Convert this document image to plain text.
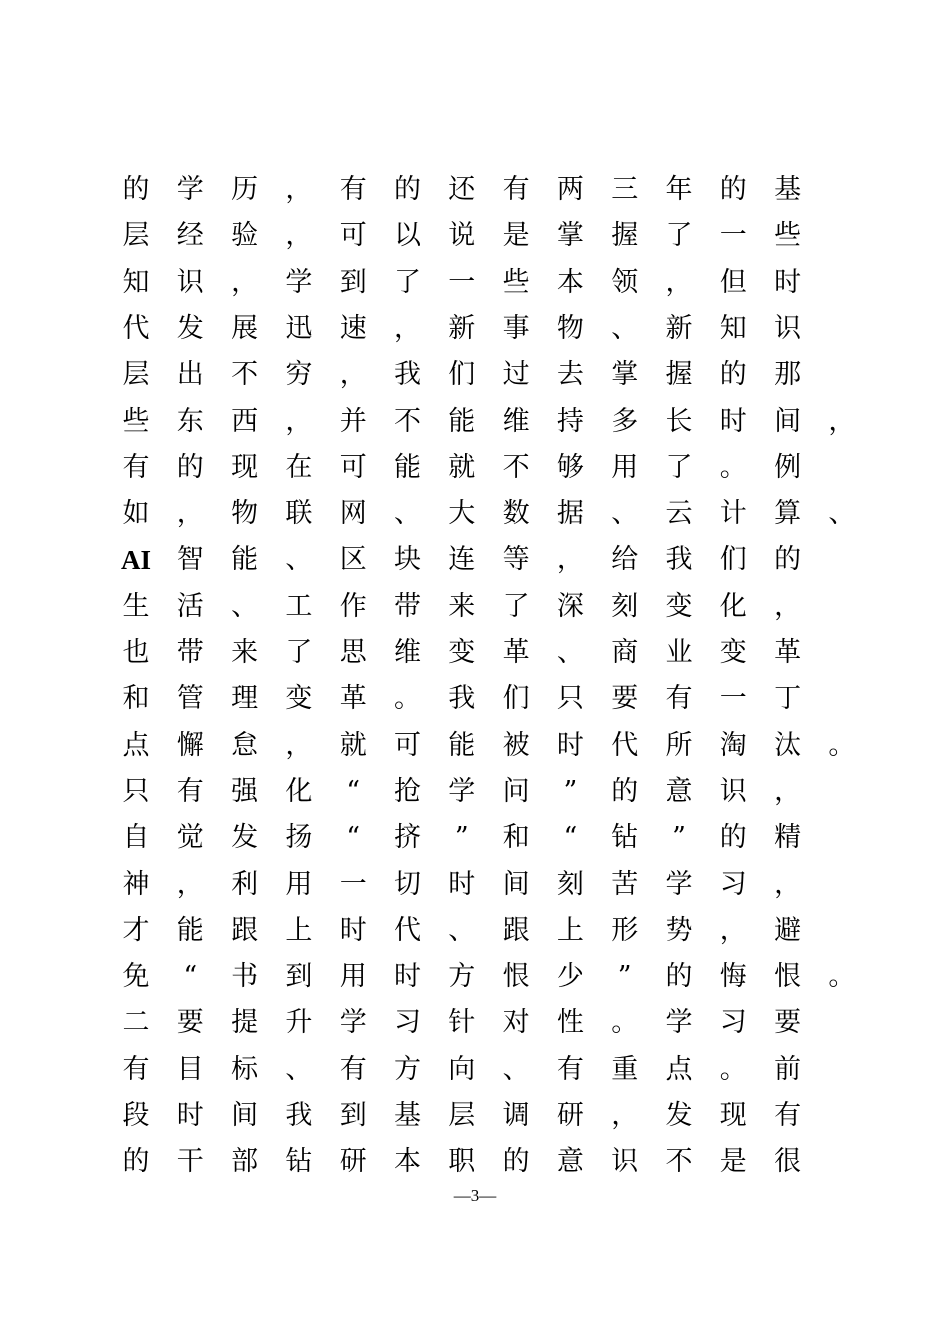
的 学 历 ， 有 的 还 有 两 三 年 的 基
层 经 验 ， 可 以 说 是 掌 握 了 一 些
知 识 ， 学 到 了 一 些 本 领 ， 但 时
代 发 展 迅 速 ， 新 事 物 、 新 知 识
层 出 不 穷 ， 我 们 过 去 掌 握 的 那
些 东 西 ， 并 不 能 维 持 多 长 时 间 ，
有 的 现 在 可 能 就 不 够 用 了 。 例
如 ， 物 联 网 、 大 数 据 、 云 计 算 、
AI 智 能 、 区 块 连 等 ， 给 我 们 的
生 活 、 工 作 带 来 了 深 刻 变 化 ，
也 带 来 了 思 维 变 革 、 商 业 变 革
和 管 理 变 革 。 我 们 只 要 有 一 丁
点 懈 怠 ， 就 可 能 被 时 代 所 淘 汰 。
只 有 强 化	“	抢 学 问	”	的 意 识 ，
自 觉 发 扬	“	挤	”	和	“	钻	”	的 精
神 ， 利 用 一 切 时 间 刻 苦 学 习 ，
才 能 跟 上 时 代 、 跟 上 形 势 ， 避
免	“	书 到 用 时 方 恨 少	”	的 悔 恨 。
二 要 提 升 学 习 针 对 性 。 学 习 要
有 目 标 、 有 方 向 、 有 重 点 。 前
段 时 间 我 到 基 层 调 研 ， 发 现 有
的 干 部 钻 研 本 职 的 意 识 不 是 很
—3—
